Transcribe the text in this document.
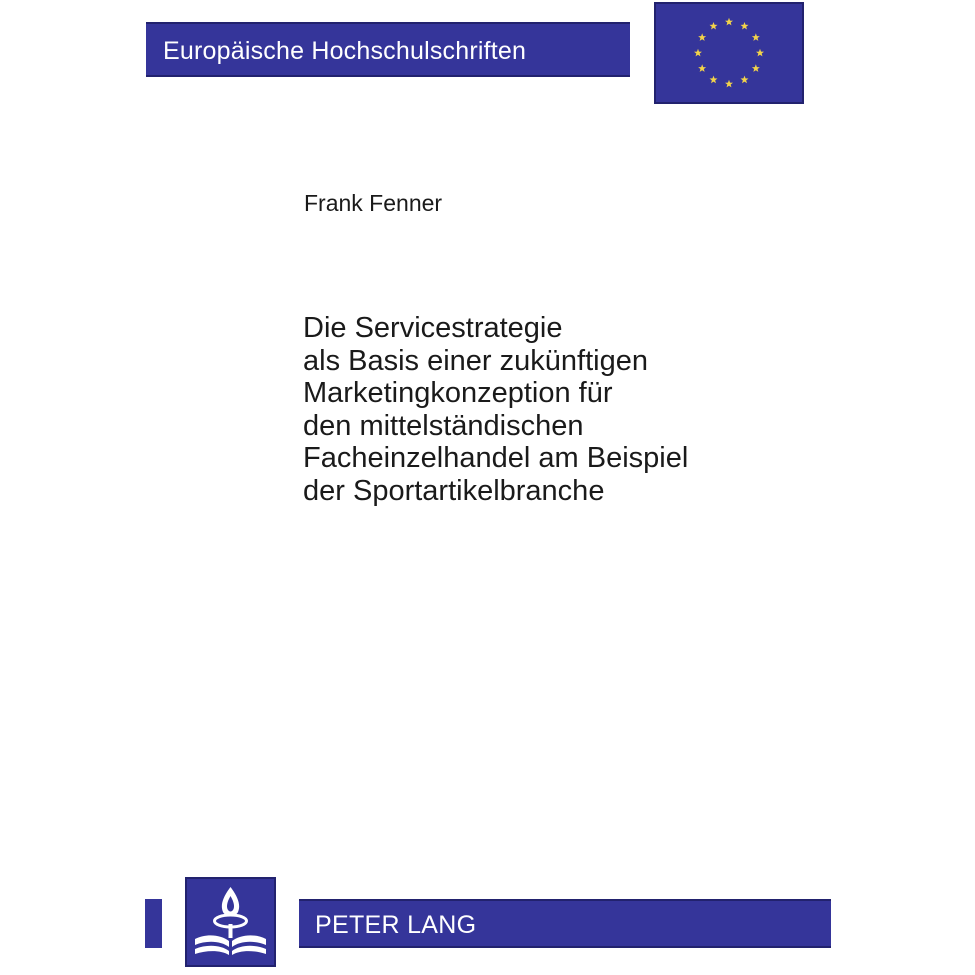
Europäische Hochschulschriften
Frank Fenner
Die Servicestrategie
als Basis einer zukünftigen
Marketingkonzeption für
den mittelständischen
Facheinzelhandel am Beispiel
der Sportartikelbranche
PETER LANG
